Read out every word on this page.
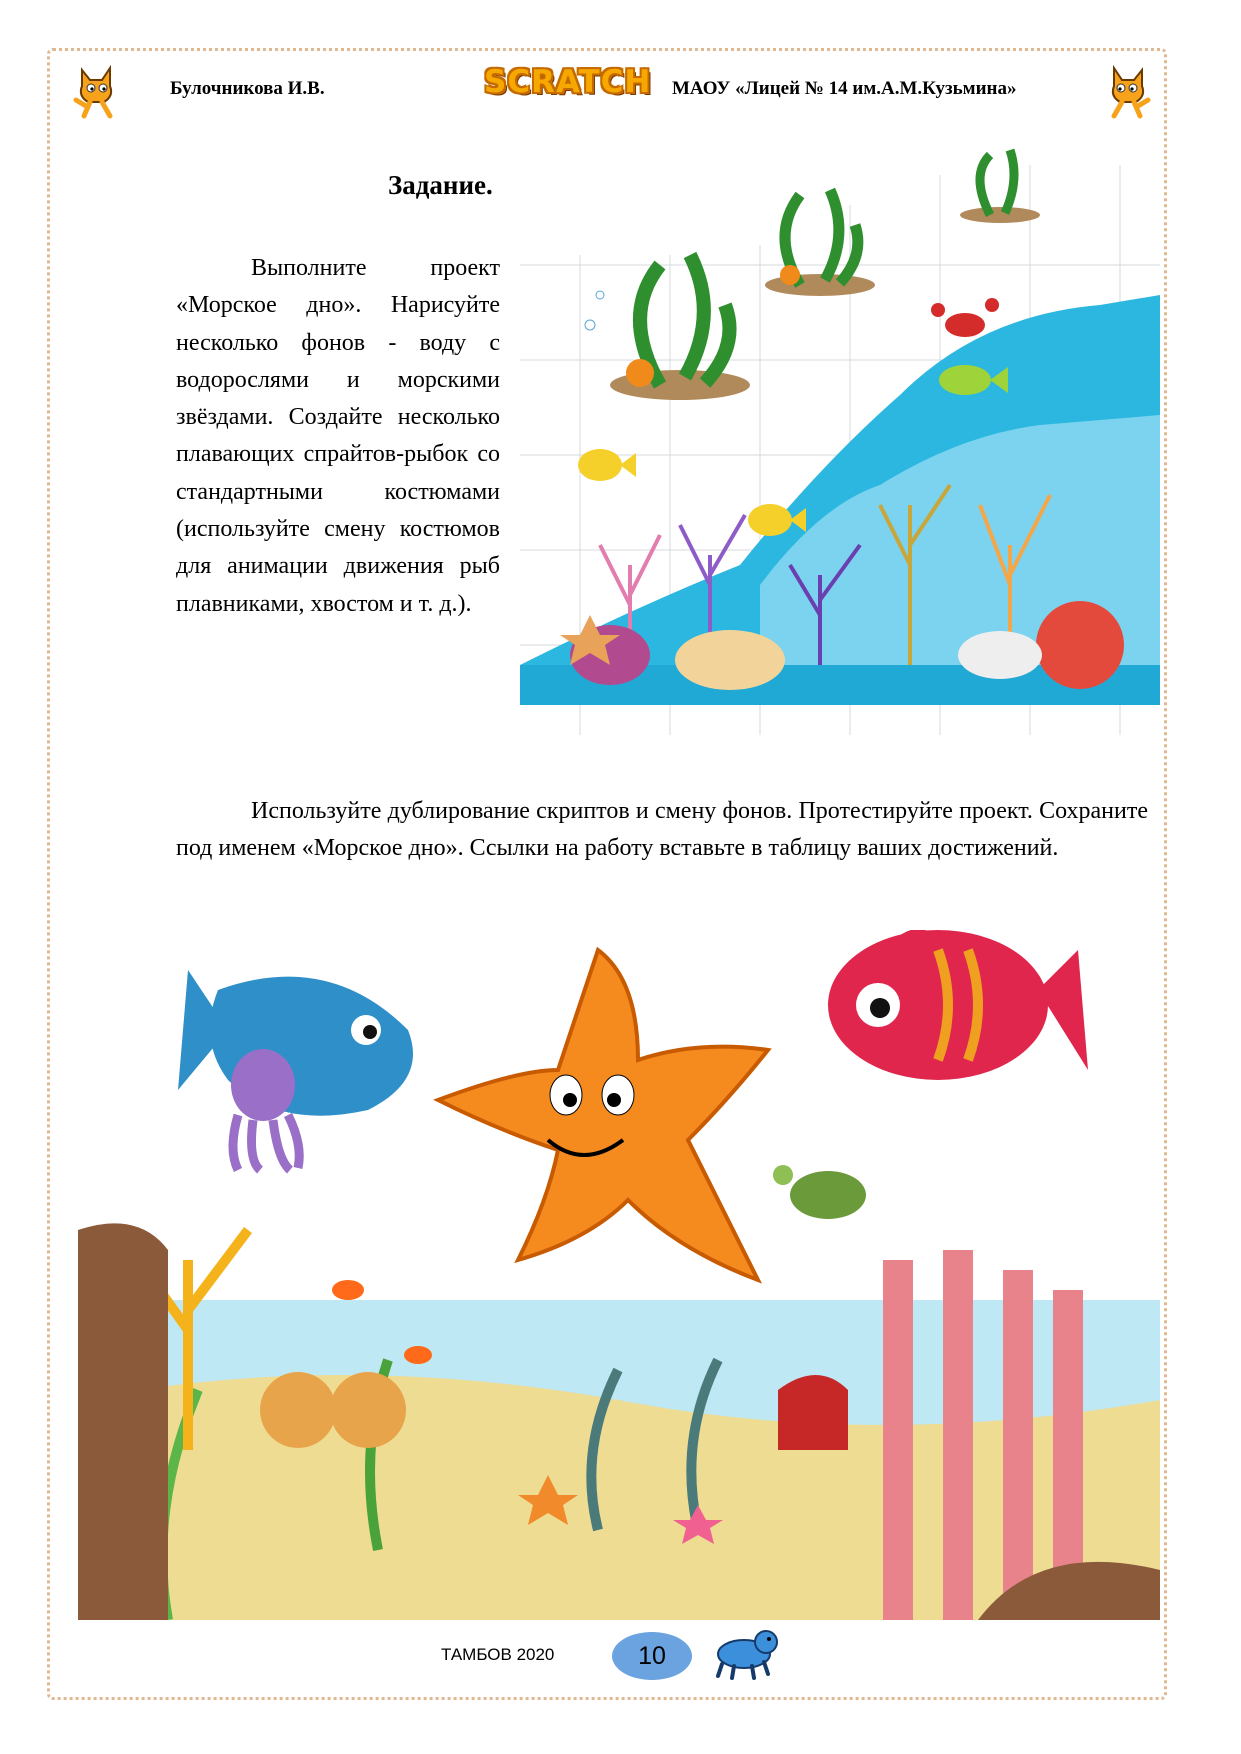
Булочникова И.В.	SCRATCH МАОУ «Лицей № 14 им.А.М.Кузьмина»
Задание.

Выполните проект «Морское дно». Нарисуйте несколько фонов - воду с водорослями и морскими звёздами. Создайте несколько плавающих спрайтов-рыбок со стандартными костюмами (используйте смену костюмов для анимации движения рыб плавниками, хвостом и т. д.).

Используйте дублирование скриптов и смену фонов. Протестируйте проект. Сохраните под именем «Морское дно». Ссылки на работу вставьте в таблицу ваших достижений.

ТАМБОВ 2020	10
